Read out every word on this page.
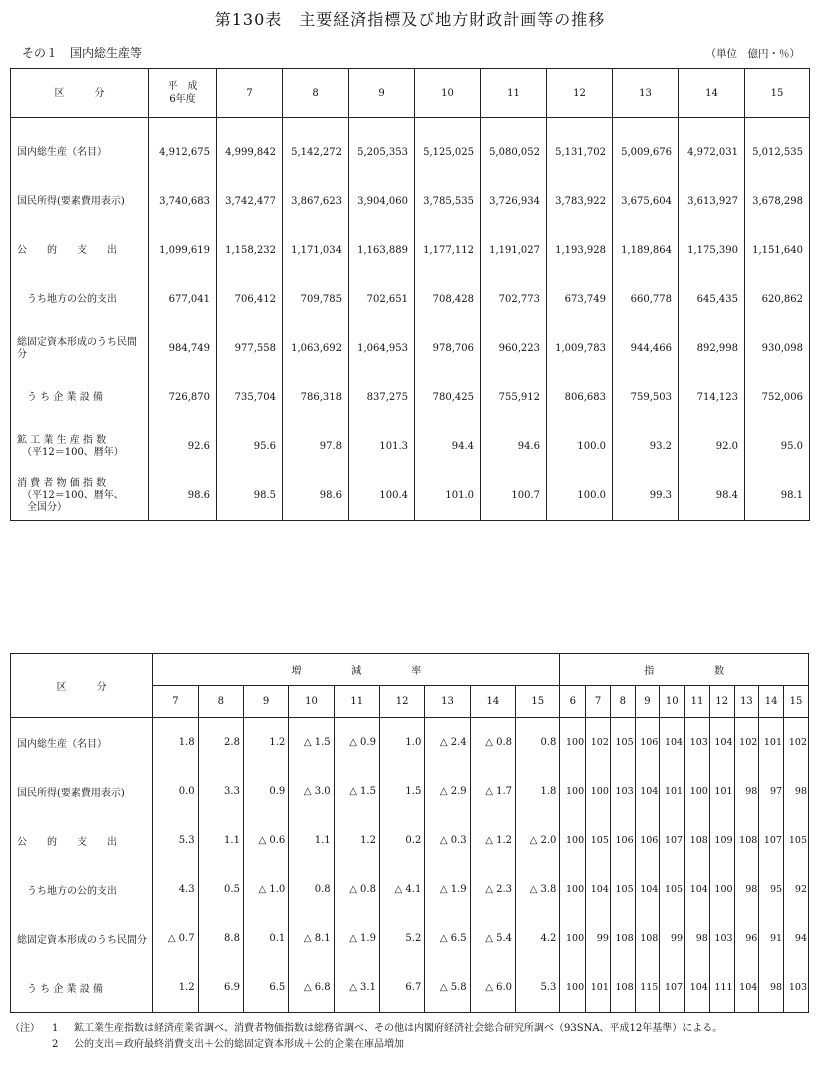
第130表　主要経済指標及び地方財政計画等の推移
その１　国内総生産等	（単位　億円・％）
区　　　分	平　成
6年度	7	8	9	10	11	12	13	14	15
国内総生産（名目）	4,912,675	4,999,842	5,142,272	5,205,353	5,125,025	5,080,052	5,131,702	5,009,676	4,972,031	5,012,535
国民所得(要素費用表示)	3,740,683	3,742,477	3,867,623	3,904,060	3,785,535	3,726,934	3,783,922	3,675,604	3,613,927	3,678,298
公　　的　　支　　出	1,099,619	1,158,232	1,171,034	1,163,889	1,177,112	1,191,027	1,193,928	1,189,864	1,175,390	1,151,640
　うち地方の公的支出	677,041	706,412	709,785	702,651	708,428	702,773	673,749	660,778	645,435	620,862
総固定資本形成のうち民間分	984,749	977,558	1,063,692	1,064,953	978,706	960,223	1,009,783	944,466	892,998	930,098
　う ち 企 業 設 備	726,870	735,704	786,318	837,275	780,425	755,912	806,683	759,503	714,123	752,006
鉱 工 業 生 産 指 数
　（平12＝100、暦年）	92.6	95.6	97.8	101.3	94.4	94.6	100.0	93.2	92.0	95.0
消 費 者 物 価 指 数
　（平12＝100、暦年、
　全国分）	98.6	98.5	98.6	100.4	101.0	100.7	100.0	99.3	98.4	98.1
区　　　分	増　　　　　減　　　　　率									指　　　　　　数									
	7	8	9	10	11	12	13	14	15	6	7	8	9	10	11	12	13	14	15
国内総生産（名目）	1.8	2.8	1.2	△ 1.5	△ 0.9	1.0	△ 2.4	△ 0.8	0.8	100	102	105	106	104	103	104	102	101	102
国民所得(要素費用表示)	0.0	3.3	0.9	△ 3.0	△ 1.5	1.5	△ 2.9	△ 1.7	1.8	100	100	103	104	101	100	101	98	97	98
公　　的　　支　　出	5.3	1.1	△ 0.6	1.1	1.2	0.2	△ 0.3	△ 1.2	△ 2.0	100	105	106	106	107	108	109	108	107	105
　うち地方の公的支出	4.3	0.5	△ 1.0	0.8	△ 0.8	△ 4.1	△ 1.9	△ 2.3	△ 3.8	100	104	105	104	105	104	100	98	95	92
総固定資本形成のうち民間分	△ 0.7	8.8	0.1	△ 8.1	△ 1.9	5.2	△ 6.5	△ 5.4	4.2	100	99	108	108	99	98	103	96	91	94
　う ち 企 業 設 備	1.2	6.9	6.5	△ 6.8	△ 3.1	6.7	△ 5.8	△ 6.0	5.3	100	101	108	115	107	104	111	104	98	103
（注）	1	鉱工業生産指数は経済産業省調べ、消費者物価指数は総務省調べ、その他は内閣府経済社会総合研究所調べ（93SNA、平成12年基準）による。
2	公的支出＝政府最終消費支出＋公的総固定資本形成＋公的企業在庫品増加
